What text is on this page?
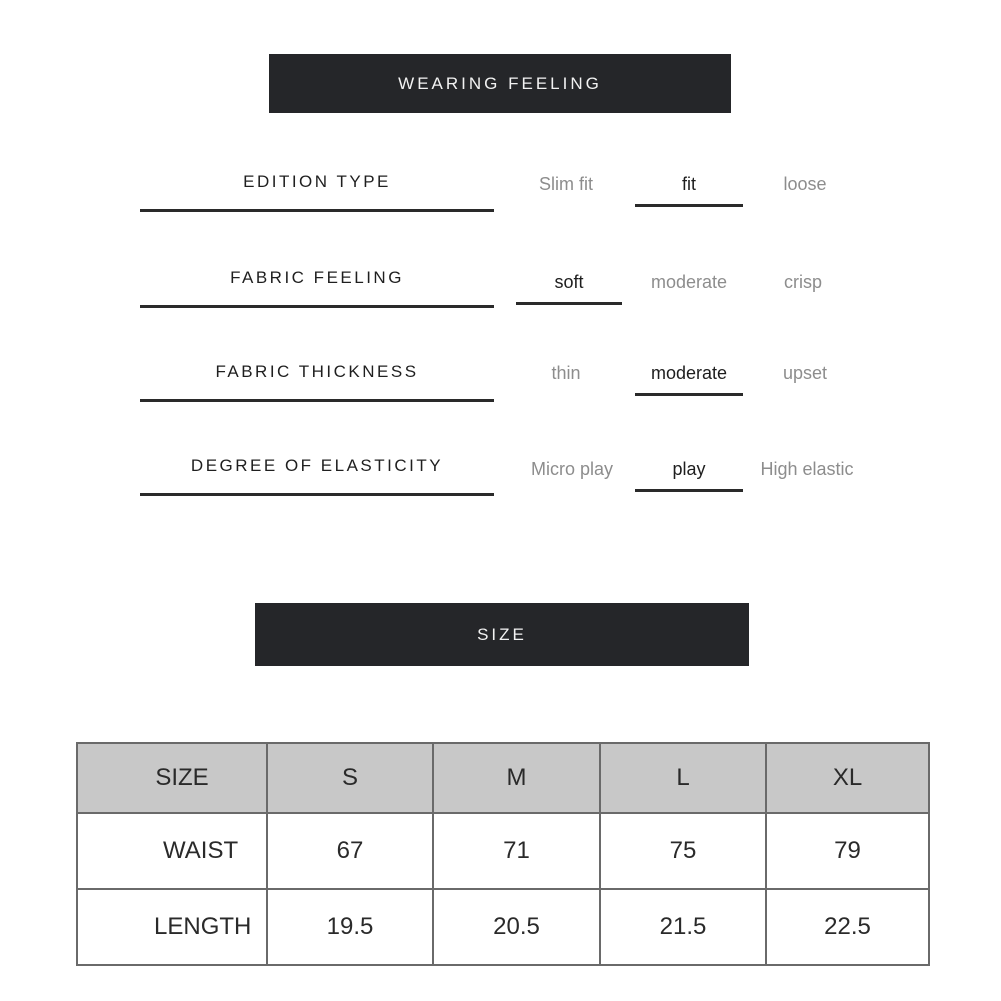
WEARING FEELING
EDITION TYPE	Slim fit	fit	loose
FABRIC FEELING	soft	moderate	crisp
FABRIC THICKNESS	thin	moderate	upset
DEGREE OF ELASTICITY	Micro play	play	High elastic
SIZE
SIZE	S	M	L	XL
WAIST	67	71	75	79
LENGTH	19.5	20.5	21.5	22.5
